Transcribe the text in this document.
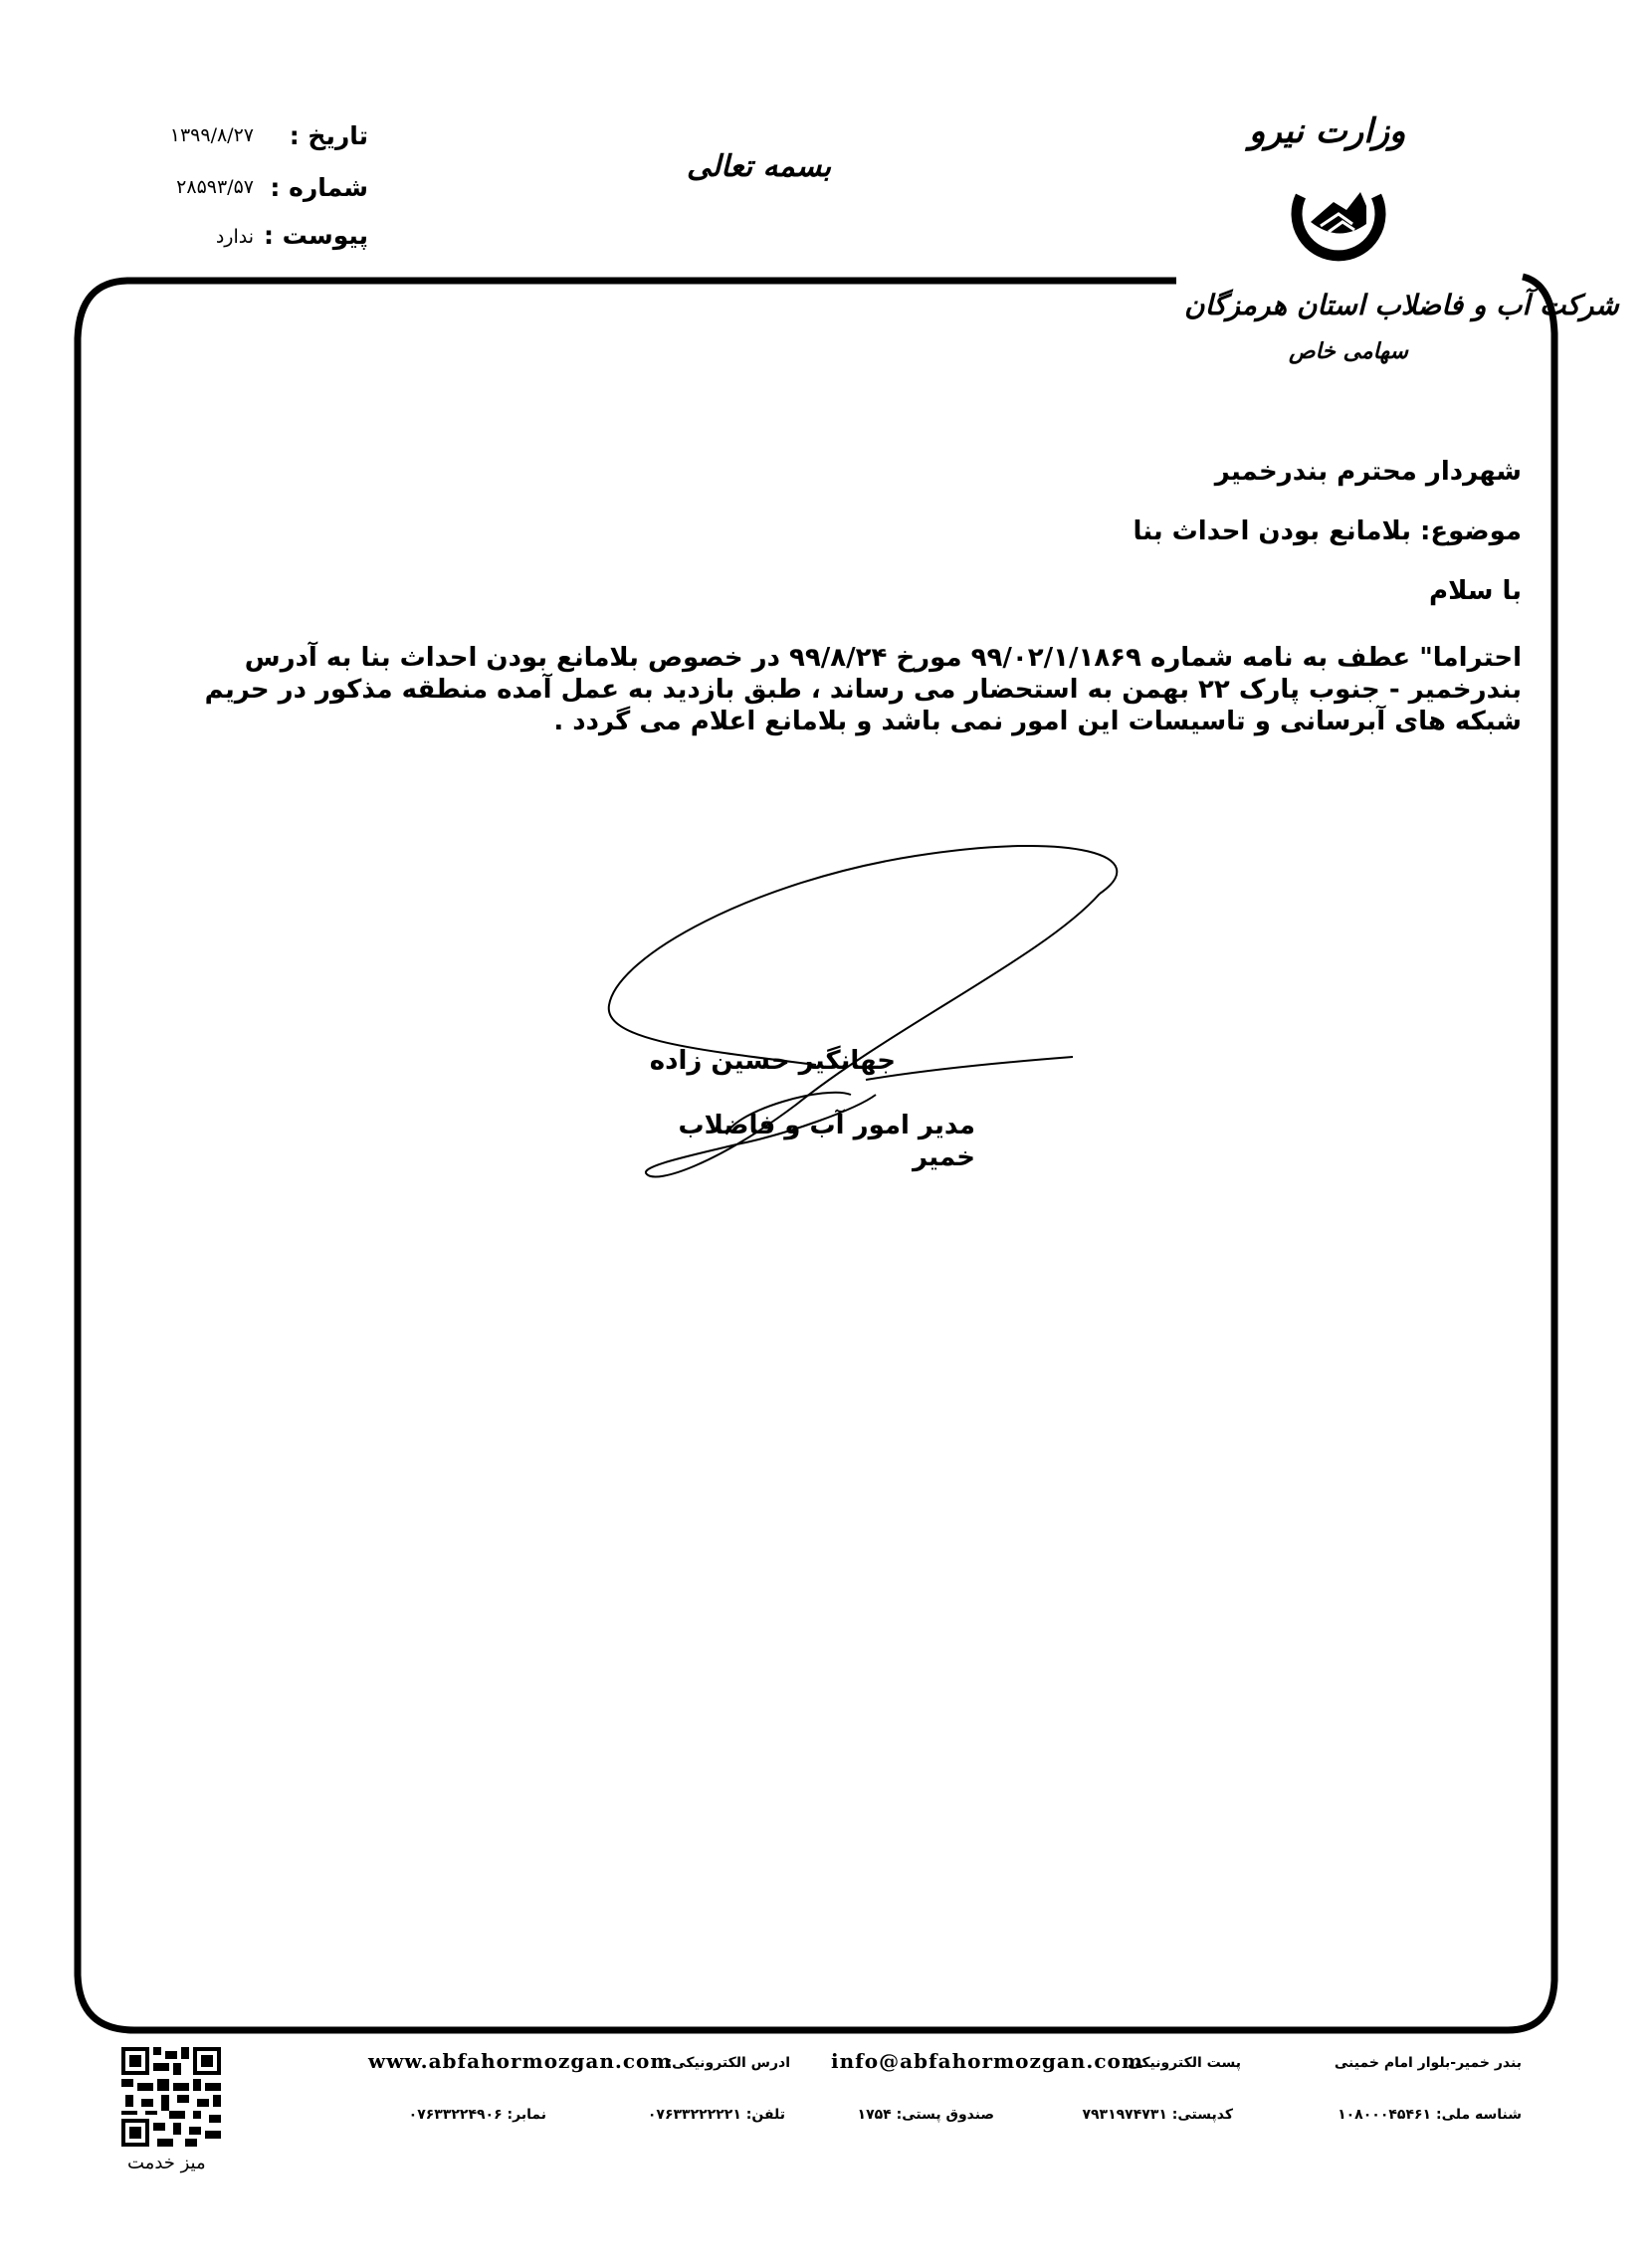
تاریخ :
۱۳۹۹/۸/۲۷
شماره :
۲۸۵۹۳/۵۷
پیوست :
ندارد
بسمه تعالی
وزارت نیرو
شرکت آب و فاضلاب استان هرمزگان
سهامی خاص
شهردار محترم بندرخمیر
موضوع: بلامانع بودن احداث بنا
با سلام
احتراما" عطف به نامه شماره ۹۹/۰۲/۱/۱۸۶۹ مورخ ۹۹/۸/۲۴ در خصوص بلامانع بودن احداث بنا به آدرس
بندرخمیر - جنوب پارک ۲۲ بهمن به استحضار می رساند ، طبق بازدید به عمل آمده منطقه مذکور در حریم
شبکه های آبرسانی و تاسیسات این امور نمی باشد و بلامانع اعلام می گردد .
جهانگیر حسین زاده
مدیر امور آب و فاضلاب خمیر
بندر خمیر-بلوار امام خمینی
پست الکترونیکی:
info@abfahormozgan.com
ادرس الکترونیکی:
www.abfahormozgan.com
شناسه ملی: ۱۰۸۰۰۰۴۵۴۶۱
کدپستی: ۷۹۳۱۹۷۴۷۳۱
صندوق پستی: ۱۷۵۴
تلفن: ۰۷۶۳۳۲۲۲۲۲۱
نمابر: ۰۷۶۳۳۲۲۴۹۰۶
میز خدمت
